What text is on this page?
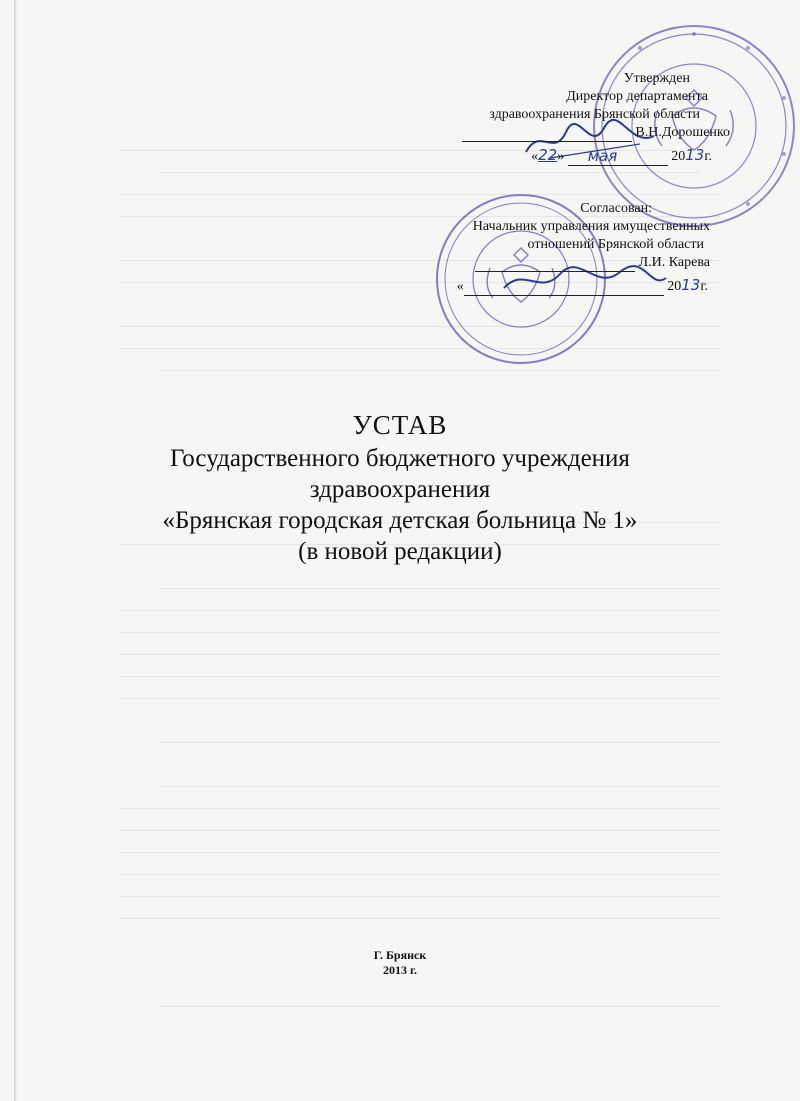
Утвержден
Директор департамента
здравоохранения Брянской области
В.Н.Дорошенко
«22» мая	2013г.
Согласован:
Начальник управления имущественных
отношений Брянской области
Л.И. Карева
«	2013г.
УСТАВ
Государственного бюджетного учреждения
здравоохранения
«Брянская городская детская больница № 1»
(в новой редакции)
Г. Брянск
2013 г.
